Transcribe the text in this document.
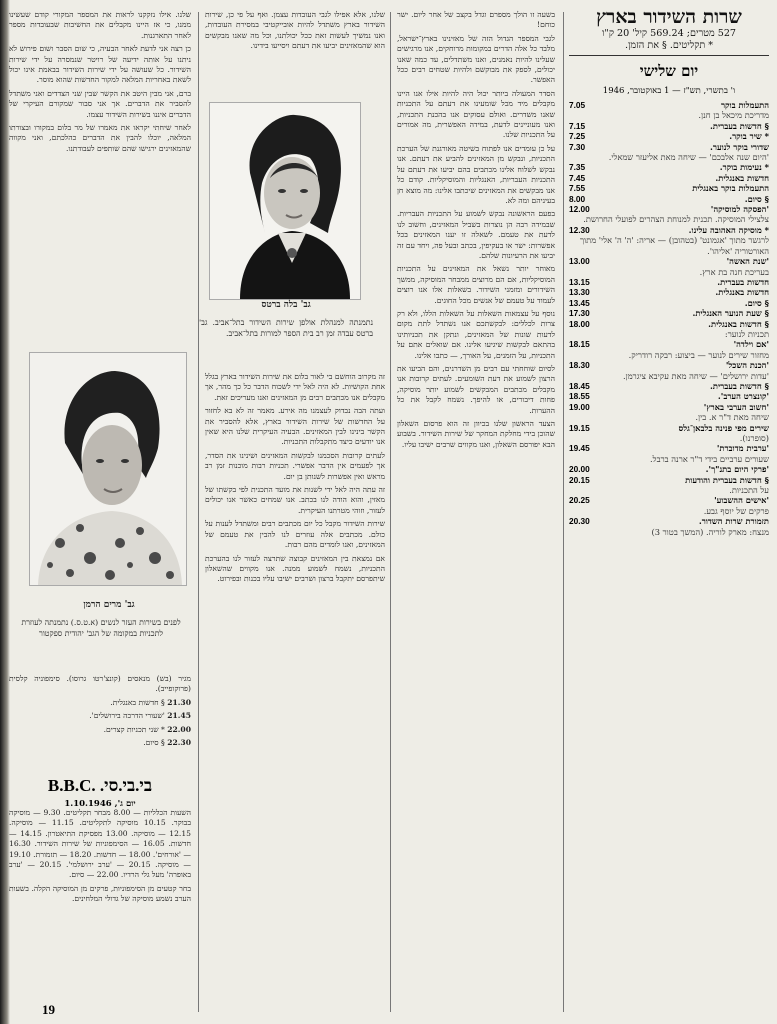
שרות השידור בארץ
527 מטרים; 569.24 קיל' 20 ק"ו
* תקליטים. § את הזמן.
יום שלישי
ו' בתשרי, תש"ז — 1 באוקטובר, 1946
התעמלות בוקר
7.05
מדריכת מיכאל בן חנן.
§ חדשות בעברית.
7.15
* שיר בוקר.
7.25
שדורי בוקר לנוער.
7.30
'היום שנה אלבכם' — שיחה מאת אליעזר שמאלי.
* נעימות בוקר.
7.35
חדשות באנגלית.
7.45
התעמלות בוקר באנגלית
7.55
§ סיום.
8.00
'הפסקה למוסיקה'
12.00
צלצילי המוסיקה. תכנית למנוחת הצהרים לפועלי החרושת.
* מוסיקה האהובה עלינו.
12.30
לרגשר מתוך 'אגמונט' (בטהובן) — אריה: 'ה' ה' אלי' מתוך האורטוריה 'אליהו'.
'שנת האשה'
13.00
בעריכת חנה בת ארץ.
חדשות בעברית.
13.15
חדשות באנגלית.
13.30
§ סיום.
13.45
§ שעת הנוער האנגלית.
17.30
§ חדשות באנגלית.
18.00
תכניות לנוער:
'אם וילדה'
18.15
מחזור שירים לנוער — ביצוע: רבקה רודריק.
'הכנת השכל'
18.30
'עדות ירושלים' — שיחה מאת עקיבא ציגרמן.
§ חדשות בעברית.
18.45
'קונצרט הערב'.
18.55
'חשוב הערבי בארץ'
19.00
שיחה מאת ד"ר א. בין.
שירים מפי פנינה בלבאן־גלס
19.15
(סופרנו).
'ערבית מדוברת'
19.45
שעורים ערביים בידי ד"ר ארנה ברבל.
'פרקי היום בתנ"ך'.
20.00
§ חדשות בעברית והודעות
20.15
על התכניות.
'אישים ההשבוע'
20.25
פרקים של יוסף גבע.
תזמורת שרות השדור.
20.30
מנצח: מארק לוריה. (המשך בטור 3)

בשעה זו הולך מספרם וגדל בקצב של אחר ליום. ישר כוחם!

לגבי המספר הגדול הזה של מאזינינו בארץ־ישראל, מלבד כל אלה הדרים במקומות מרוחקים, אנו מרגישים שעלינו להיות נאמנים, ואנו משתדלים, עד כמה שאנו יכולים, לספק את מבוקשם ולהיות שטחים רבים ככל האפשר.

הסדר המעולה ביותר יכול היה להיות אילו אנו היינו מקבלים מיד מכל שומעינו את דעתם על התכניות שאנו משדרים. ואולם עסוקים אנו בהכנת התכניות, ואנו מעוניינים לדעת, במידה האפשרית, מה אמורים על התכניות שלנו.

על כן עומדים אנו לפתוח בשיטה מאורגנת של הערכת התכניות, ונבקש מן המאזינים להביע את דעתם. אנו נבקש לשלוח אלינו מכתבים בהם יביעו את דעתם על התכניות העבריות, האנגליות והמוסיקליות. קודם כל אנו מבקשים את המאזינים שיכתבו אלינו: מה מוצא חן בעיניהם ומה לא.

בפעם הראשונה נבקש לשמוע על התכניות העבריות. שבמידה רבה הן נוצרות בשביל המאזינים, וחשוב לנו לדעת את טעמם. לשאלה זו יענו המאזינים בכל אפשרות: ישר או בעקיפין, בכתב ובעל פה, ויחד עם זה יביעו את הרעיונות שלהם.

מאוחר יותר נשאל את המאזינים על התכניות המוסיקליות, אם הם מרוצים ממבחר המוסיקה, ממשך השידורים ומזמני השידור. בשאלות אלו אנו רוצים לעמוד על טעמם של אנשים מכל החוגים.

נוסף על עצמאות השאלות על השאלות הללו, ולא רק צרות לכללים: לבקשתכם אנו נשתדל לתת מקום לדעות שונות של המאזינים, ונתקן את תכניותינו בהתאם לבקשות שיגיעו אלינו. אם שואלים אתם על התכניות, על הזמנים, על האורך, — כתבו אלינו.

לסיום שוחחתי עם רבים מן השדרנים, והם הביעו את הרצון לשמוע את דעת השומעים. לעתים קרובות אנו מקבלים מכתבים המבקשים לשמוע יותר מוסיקה, פחות דיבורים, או להיפך. נשמח לקבל את כל ההערות.

הצעד הראשון שלנו בכיוון זה הוא פרסום השאלון שהוכן בידי מחלקת המחקר של שירות השידור. בשבוע הבא יפורסם השאלון, ואנו מקווים שרבים ישיבו עליו.

שלנו, אלא אפילו לגבי העובדות עצמן. ואף על פי כן, שירות השידור בארץ משתדל להיות אובייקטיבי במסירת העובדות, ואנו נמשיך לעשות זאת ככל יכולתנו, וכל מה שאנו מבקשים הוא שהמאזינים יביעו את דעתם ויסייעו בידינו.

גב' בלה ברטס
נתמנתה למנהלת אולפן שירות השידור בתל־אביב. גב' ברטס עבדה זמן רב בית הספר למורות בתל־אביב.

זה מקרוב הוחשם בי לאור בלום את שירות השידור בארץ בגלל אחת הקושיות. לא היה לאל ידי לשכוח הדבר כל כך מהר, אך מקבלים אנו מכתבים רבים מן המאזינים ואנו מעריכים זאת.

ועתה הבה נבדוק לעצמנו מה אירע. מאמר זה לא בא לחזור על החדשות של שירות השידור בארץ, אלא להסביר את הקשר בינינו לבין המאזינים. הבעיה העיקרית שלנו היא שאין אנו יודעים כיצד מתקבלות התכניות.

לעתים קרובות הסכמנו לבקשות המאזינים ושינינו את הסדר, אך לפעמים אין הדבר אפשרי. תכניות רבות מוכנות זמן רב מראש ואין אפשרות לשנותן בן יום.

זה עתה היה לאל ידי לשנות את מועד התכנית לפי בקשתו של מאזין, והוא הודה לנו בכתב. אנו שמחים כאשר אנו יכולים לעזור, וזוהי מטרתנו העיקרית.

שירות השידור מקבל כל יום מכתבים רבים ומשתדל לענות על כולם. מכתבים אלה עוזרים לנו להבין את טעמם של המאזינים, ואנו לומדים מהם רבות.

אם נמצאת בין המאזינים קבוצה שתרצה לעזור לנו בהערכת התכניות, נשמח לשמוע ממנה. אנו מקווים שהשאלון שיתפרסם יתקבל ברצון ושרבים ישיבו עליו בכנות ובפירוט.

שלנו. אילו נזקקנו לראות את המספר המקורי קודם שעשינו ממנו, כי אז היינו מקבלים את החשיבות שבעובדות מספר לאחר התארגנות.

כן רצה אני לדעת לאחר הבעיה, כי שום הסבר ושום פירוש לא ניתנו על אותה ידיעה של רויטר שנמסרה על ידי שירות השידור. כל שעושה על ידי שירות השידור בבאמת אינו יכול לשאת באחריות המלאה למקור החדשות שהוא מוסר.

ברם, אני מבין היטב את הקשר שבין שני הצדדים ואני משתדל להסביר את הדברים. אך אני סבור שמקורם העיקרי של הדברים איננו בשירות השידור עצמו.

לאחר שיחתי יקראו את מאמרו של מר בלום במקורו ובצורתו המלאה, יוכלו להבין את הדברים כהלכתם, ואני מקווה שהמאזינים ירגישו שהם שותפים לעבודתנו.

גב' מרים הרמן
לפנים בשירות העזר לנשים (א.ט.ס.) נתמנתה לעוזרת לתכניות במקומה של הגב' יהודית ספקטור

מגיר (בש) מנאסים (קונצ'רטו גרוסו). סימפוניה קלסית (פרוקופייב).

21.30 § חדשות באנגלית.

21.45 'שעורי הדרכה בירושלים'.

22.00 * שני תכניות קצרים.

22.30 § סיום.

B.B.C. .בי.בי.סי
יום ג', 1.10.1946

השעות הכלליות — 8.00 מבחר תקליטים. 9.30 — מוסיקה בבוקר. 10.15 מוסיקה לתקליטים. 11.15 — מוסיקה. 12.15 — מוסיקה. 13.00 מפסיקת התיאטרון. 14.15 — חדשות. 16.05 — הסימפוניות של שירות השידור. 16.30 — 'אורחים'. 18.00 — חדשות. 18.20 — תזמורת. 19.10 — מוסיקה. 20.15 — 'ערב ירושלמי'. 20.15 — 'ערב באופרה' מעל גלי הרדיו. 22.00 — סיום.

בחר קטעים מן הסימפוניות, פרקים מן המוסיקה הקלה. בשעות הערב נשמע מוסיקה של גדולי המלחינים.

19
